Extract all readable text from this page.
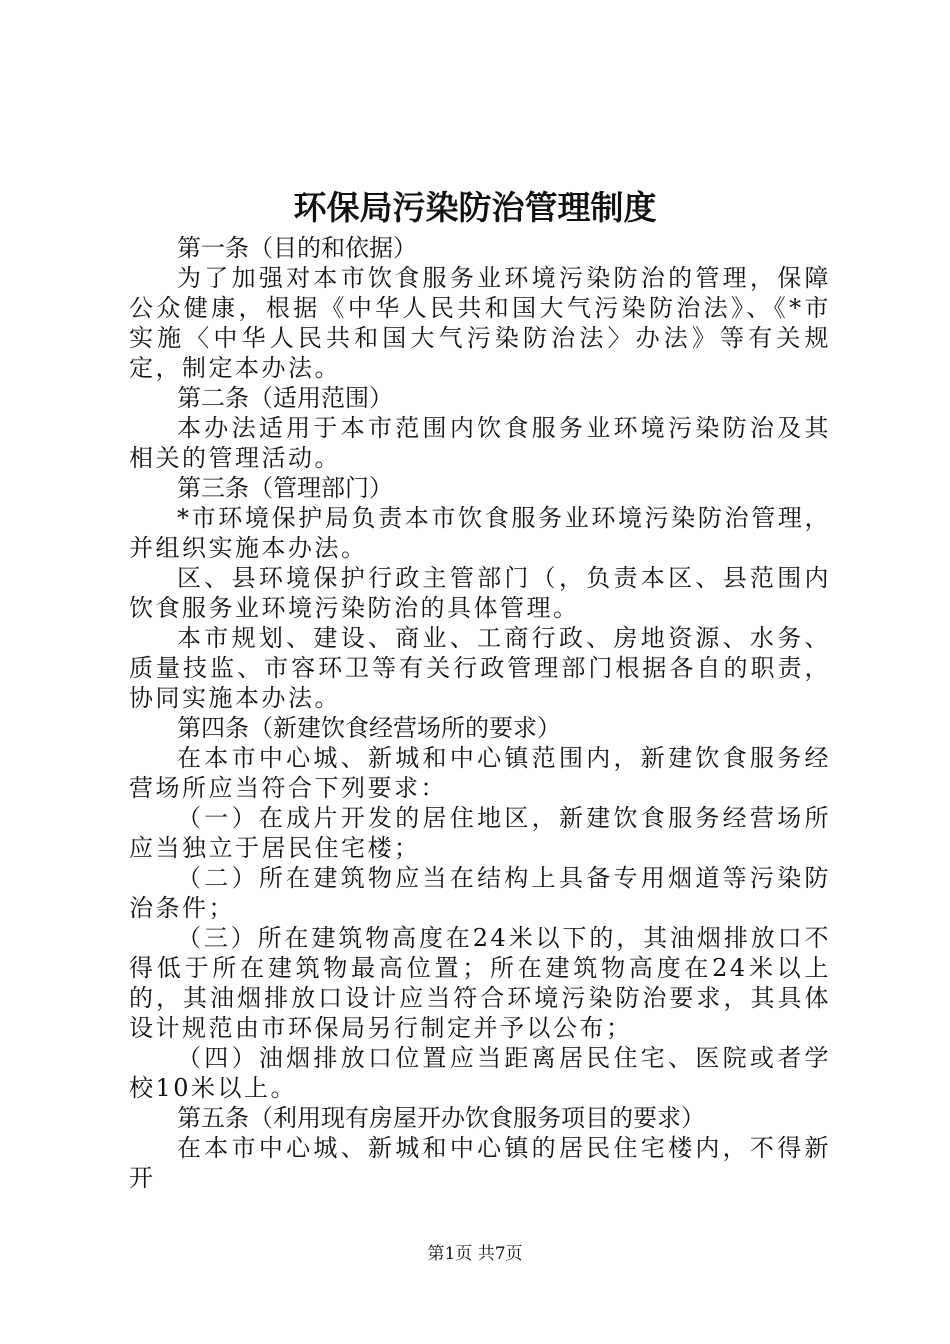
环保局污染防治管理制度

第一条（目的和依据）

为了加强对本市饮食服务业环境污染防治的管理，保障公众健康，根据《中华人民共和国大气污染防治法》、《*市实施〈中华人民共和国大气污染防治法〉办法》等有关规定，制定本办法。

第二条（适用范围）

本办法适用于本市范围内饮食服务业环境污染防治及其相关的管理活动。

第三条（管理部门）

*市环境保护局负责本市饮食服务业环境污染防治管理，并组织实施本办法。

区、县环境保护行政主管部门（，负责本区、县范围内饮食服务业环境污染防治的具体管理。

本市规划、建设、商业、工商行政、房地资源、水务、质量技监、市容环卫等有关行政管理部门根据各自的职责，协同实施本办法。

第四条（新建饮食经营场所的要求）

在本市中心城、新城和中心镇范围内，新建饮食服务经营场所应当符合下列要求：

（一）在成片开发的居住地区，新建饮食服务经营场所应当独立于居民住宅楼；

（二）所在建筑物应当在结构上具备专用烟道等污染防治条件；

（三）所在建筑物高度在24米以下的，其油烟排放口不得低于所在建筑物最高位置；所在建筑物高度在24米以上的，其油烟排放口设计应当符合环境污染防治要求，其具体设计规范由市环保局另行制定并予以公布；

（四）油烟排放口位置应当距离居民住宅、医院或者学校10米以上。

第五条（利用现有房屋开办饮食服务项目的要求）

在本市中心城、新城和中心镇的居民住宅楼内，不得新开

第1页 共7页
